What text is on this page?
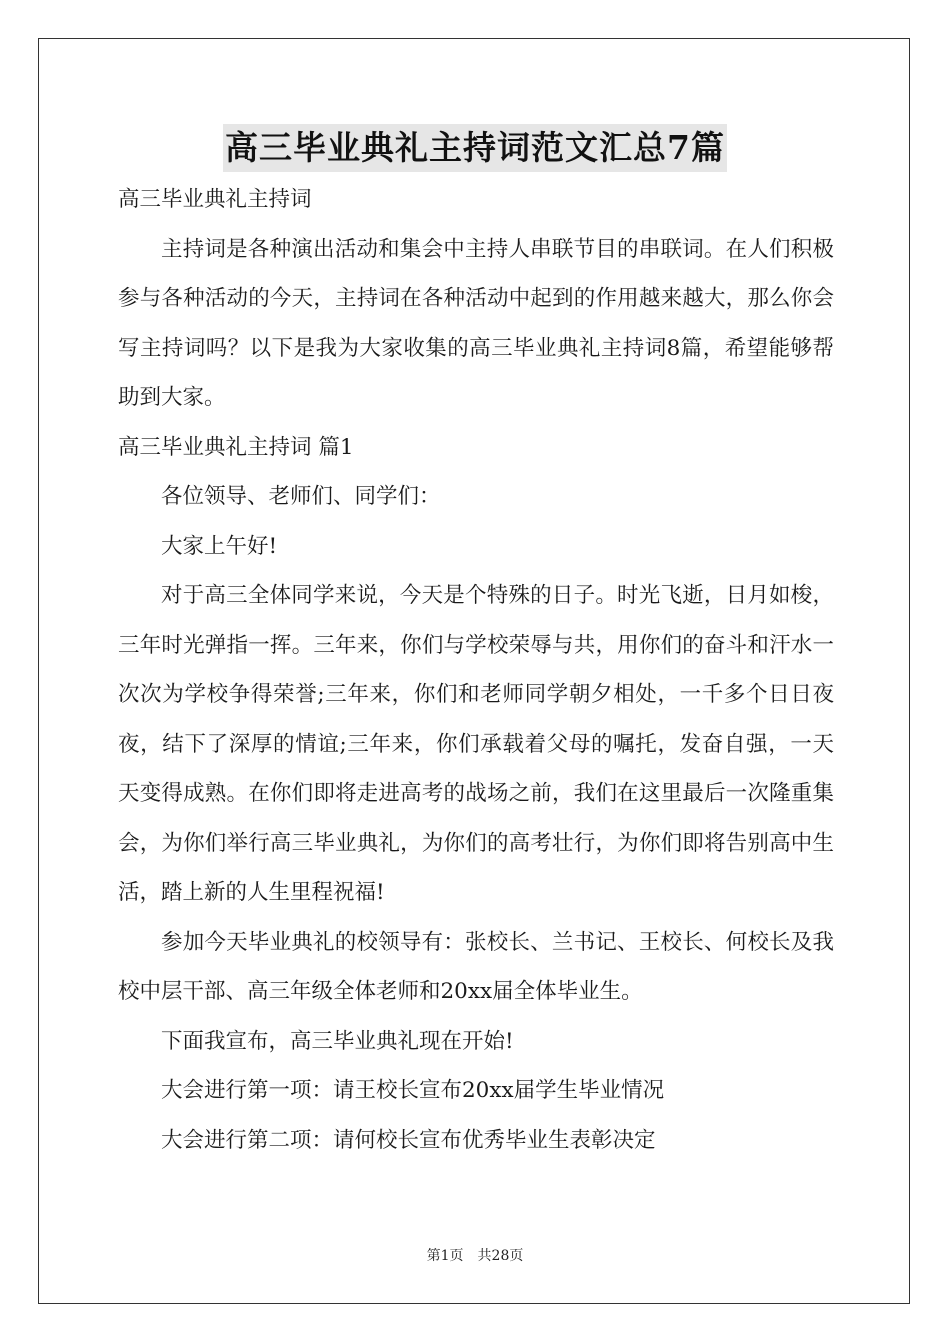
高三毕业典礼主持词范文汇总7篇

高三毕业典礼主持词

主持词是各种演出活动和集会中主持人串联节目的串联词。在人们积极参与各种活动的今天，主持词在各种活动中起到的作用越来越大，那么你会写主持词吗？以下是我为大家收集的高三毕业典礼主持词8篇，希望能够帮助到大家。

高三毕业典礼主持词 篇1

各位领导、老师们、同学们：

大家上午好!

对于高三全体同学来说，今天是个特殊的日子。时光飞逝，日月如梭，三年时光弹指一挥。三年来，你们与学校荣辱与共，用你们的奋斗和汗水一次次为学校争得荣誉;三年来，你们和老师同学朝夕相处，一千多个日日夜夜，结下了深厚的情谊;三年来，你们承载着父母的嘱托，发奋自强，一天天变得成熟。在你们即将走进高考的战场之前，我们在这里最后一次隆重集会，为你们举行高三毕业典礼，为你们的高考壮行，为你们即将告别高中生活，踏上新的人生里程祝福!

参加今天毕业典礼的校领导有：张校长、兰书记、王校长、何校长及我校中层干部、高三年级全体老师和20xx届全体毕业生。

下面我宣布，高三毕业典礼现在开始!

大会进行第一项：请王校长宣布20xx届学生毕业情况

大会进行第二项：请何校长宣布优秀毕业生表彰决定

第1页 共28页
